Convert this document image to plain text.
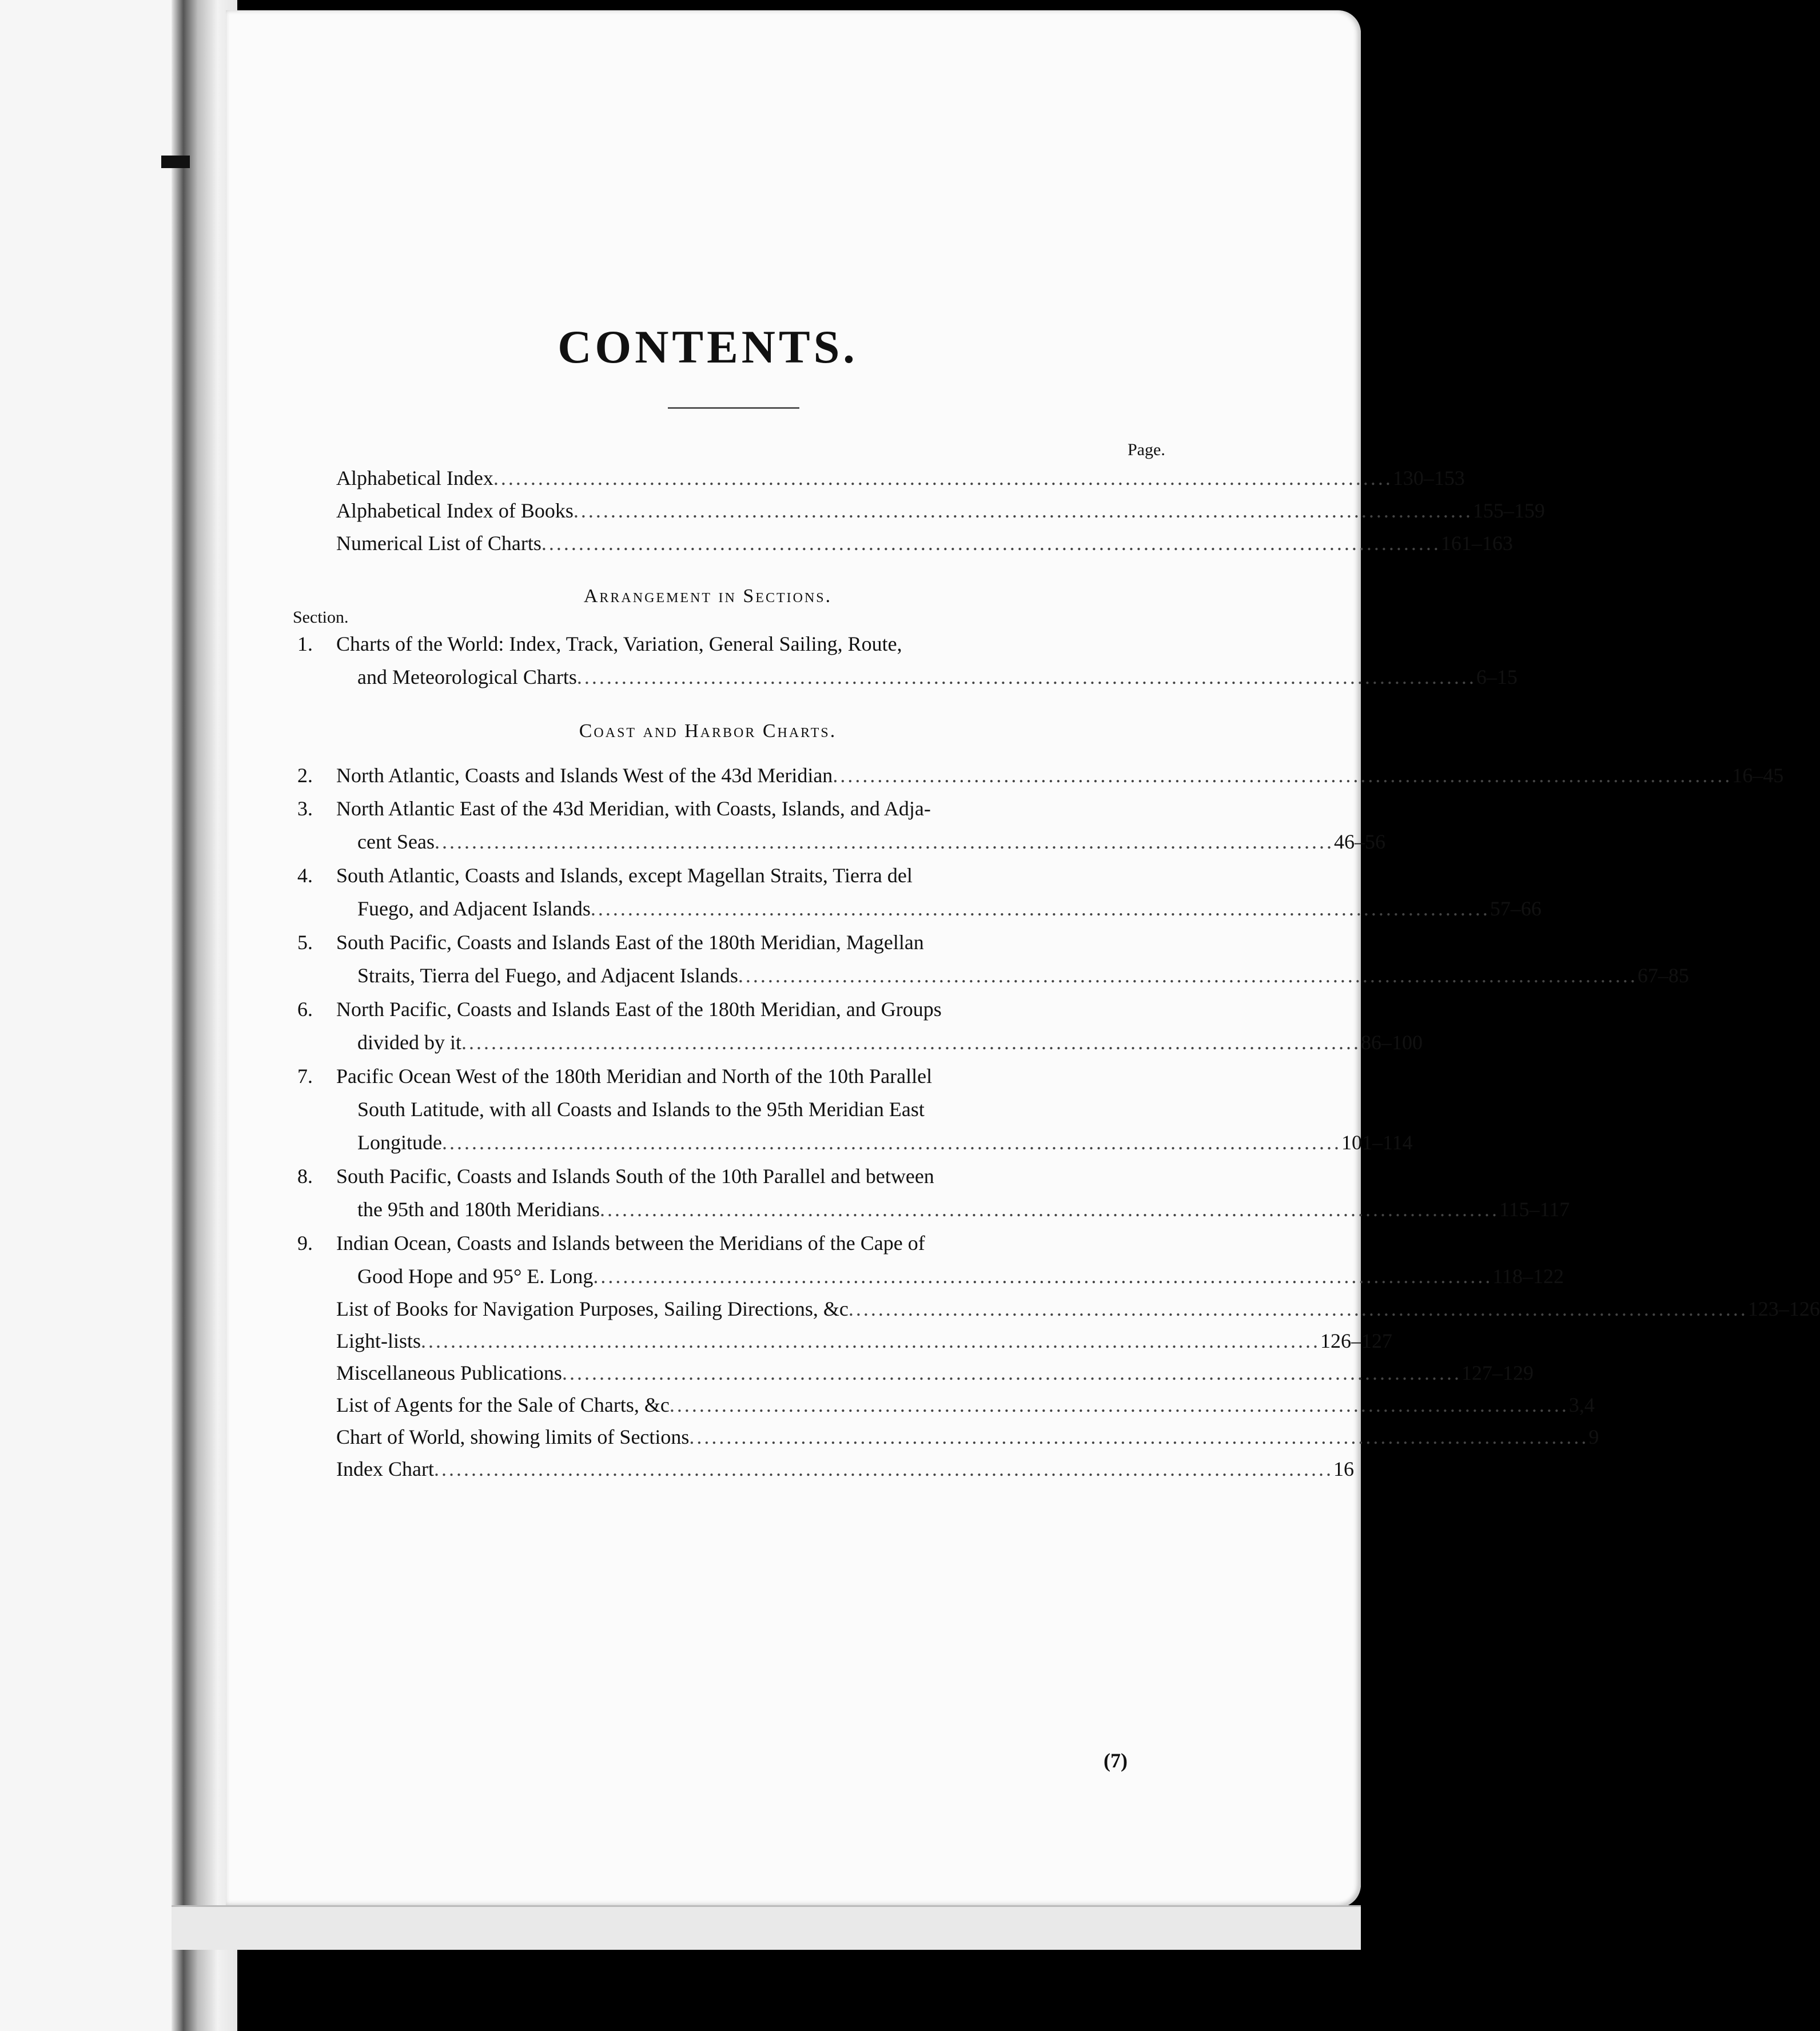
CONTENTS.
Page.
Alphabetical Index ......................................................................................................................... 130–153
Alphabetical Index of Books ......................................................................................................................... 155–159
Numerical List of Charts ......................................................................................................................... 161–163
Arrangement in Sections.
Section.
1. Charts of the World: Index, Track, Variation, General Sailing, Route,
and Meteorological Charts ......................................................................................................................... 6–15
Coast and Harbor Charts.
2. North Atlantic, Coasts and Islands West of the 43d Meridian ......................................................................................................................... 16–45
3. North Atlantic East of the 43d Meridian, with Coasts, Islands, and Adja-
cent Seas ......................................................................................................................... 46–56
4. South Atlantic, Coasts and Islands, except Magellan Straits, Tierra del
Fuego, and Adjacent Islands ......................................................................................................................... 57–66
5. South Pacific, Coasts and Islands East of the 180th Meridian, Magellan
Straits, Tierra del Fuego, and Adjacent Islands ......................................................................................................................... 67–85
6. North Pacific, Coasts and Islands East of the 180th Meridian, and Groups
divided by it ......................................................................................................................... 86–100
7. Pacific Ocean West of the 180th Meridian and North of the 10th Parallel
South Latitude, with all Coasts and Islands to the 95th Meridian East
Longitude ......................................................................................................................... 101–114
8. South Pacific, Coasts and Islands South of the 10th Parallel and between
the 95th and 180th Meridians ......................................................................................................................... 115–117
9. Indian Ocean, Coasts and Islands between the Meridians of the Cape of
Good Hope and 95° E. Long ......................................................................................................................... 118–122
List of Books for Navigation Purposes, Sailing Directions, &c ......................................................................................................................... 123–126
Light-lists ......................................................................................................................... 126–127
Miscellaneous Publications ......................................................................................................................... 127–129
List of Agents for the Sale of Charts, &c ......................................................................................................................... 3,4
Chart of World, showing limits of Sections ......................................................................................................................... 9
Index Chart ......................................................................................................................... 16
(7)
